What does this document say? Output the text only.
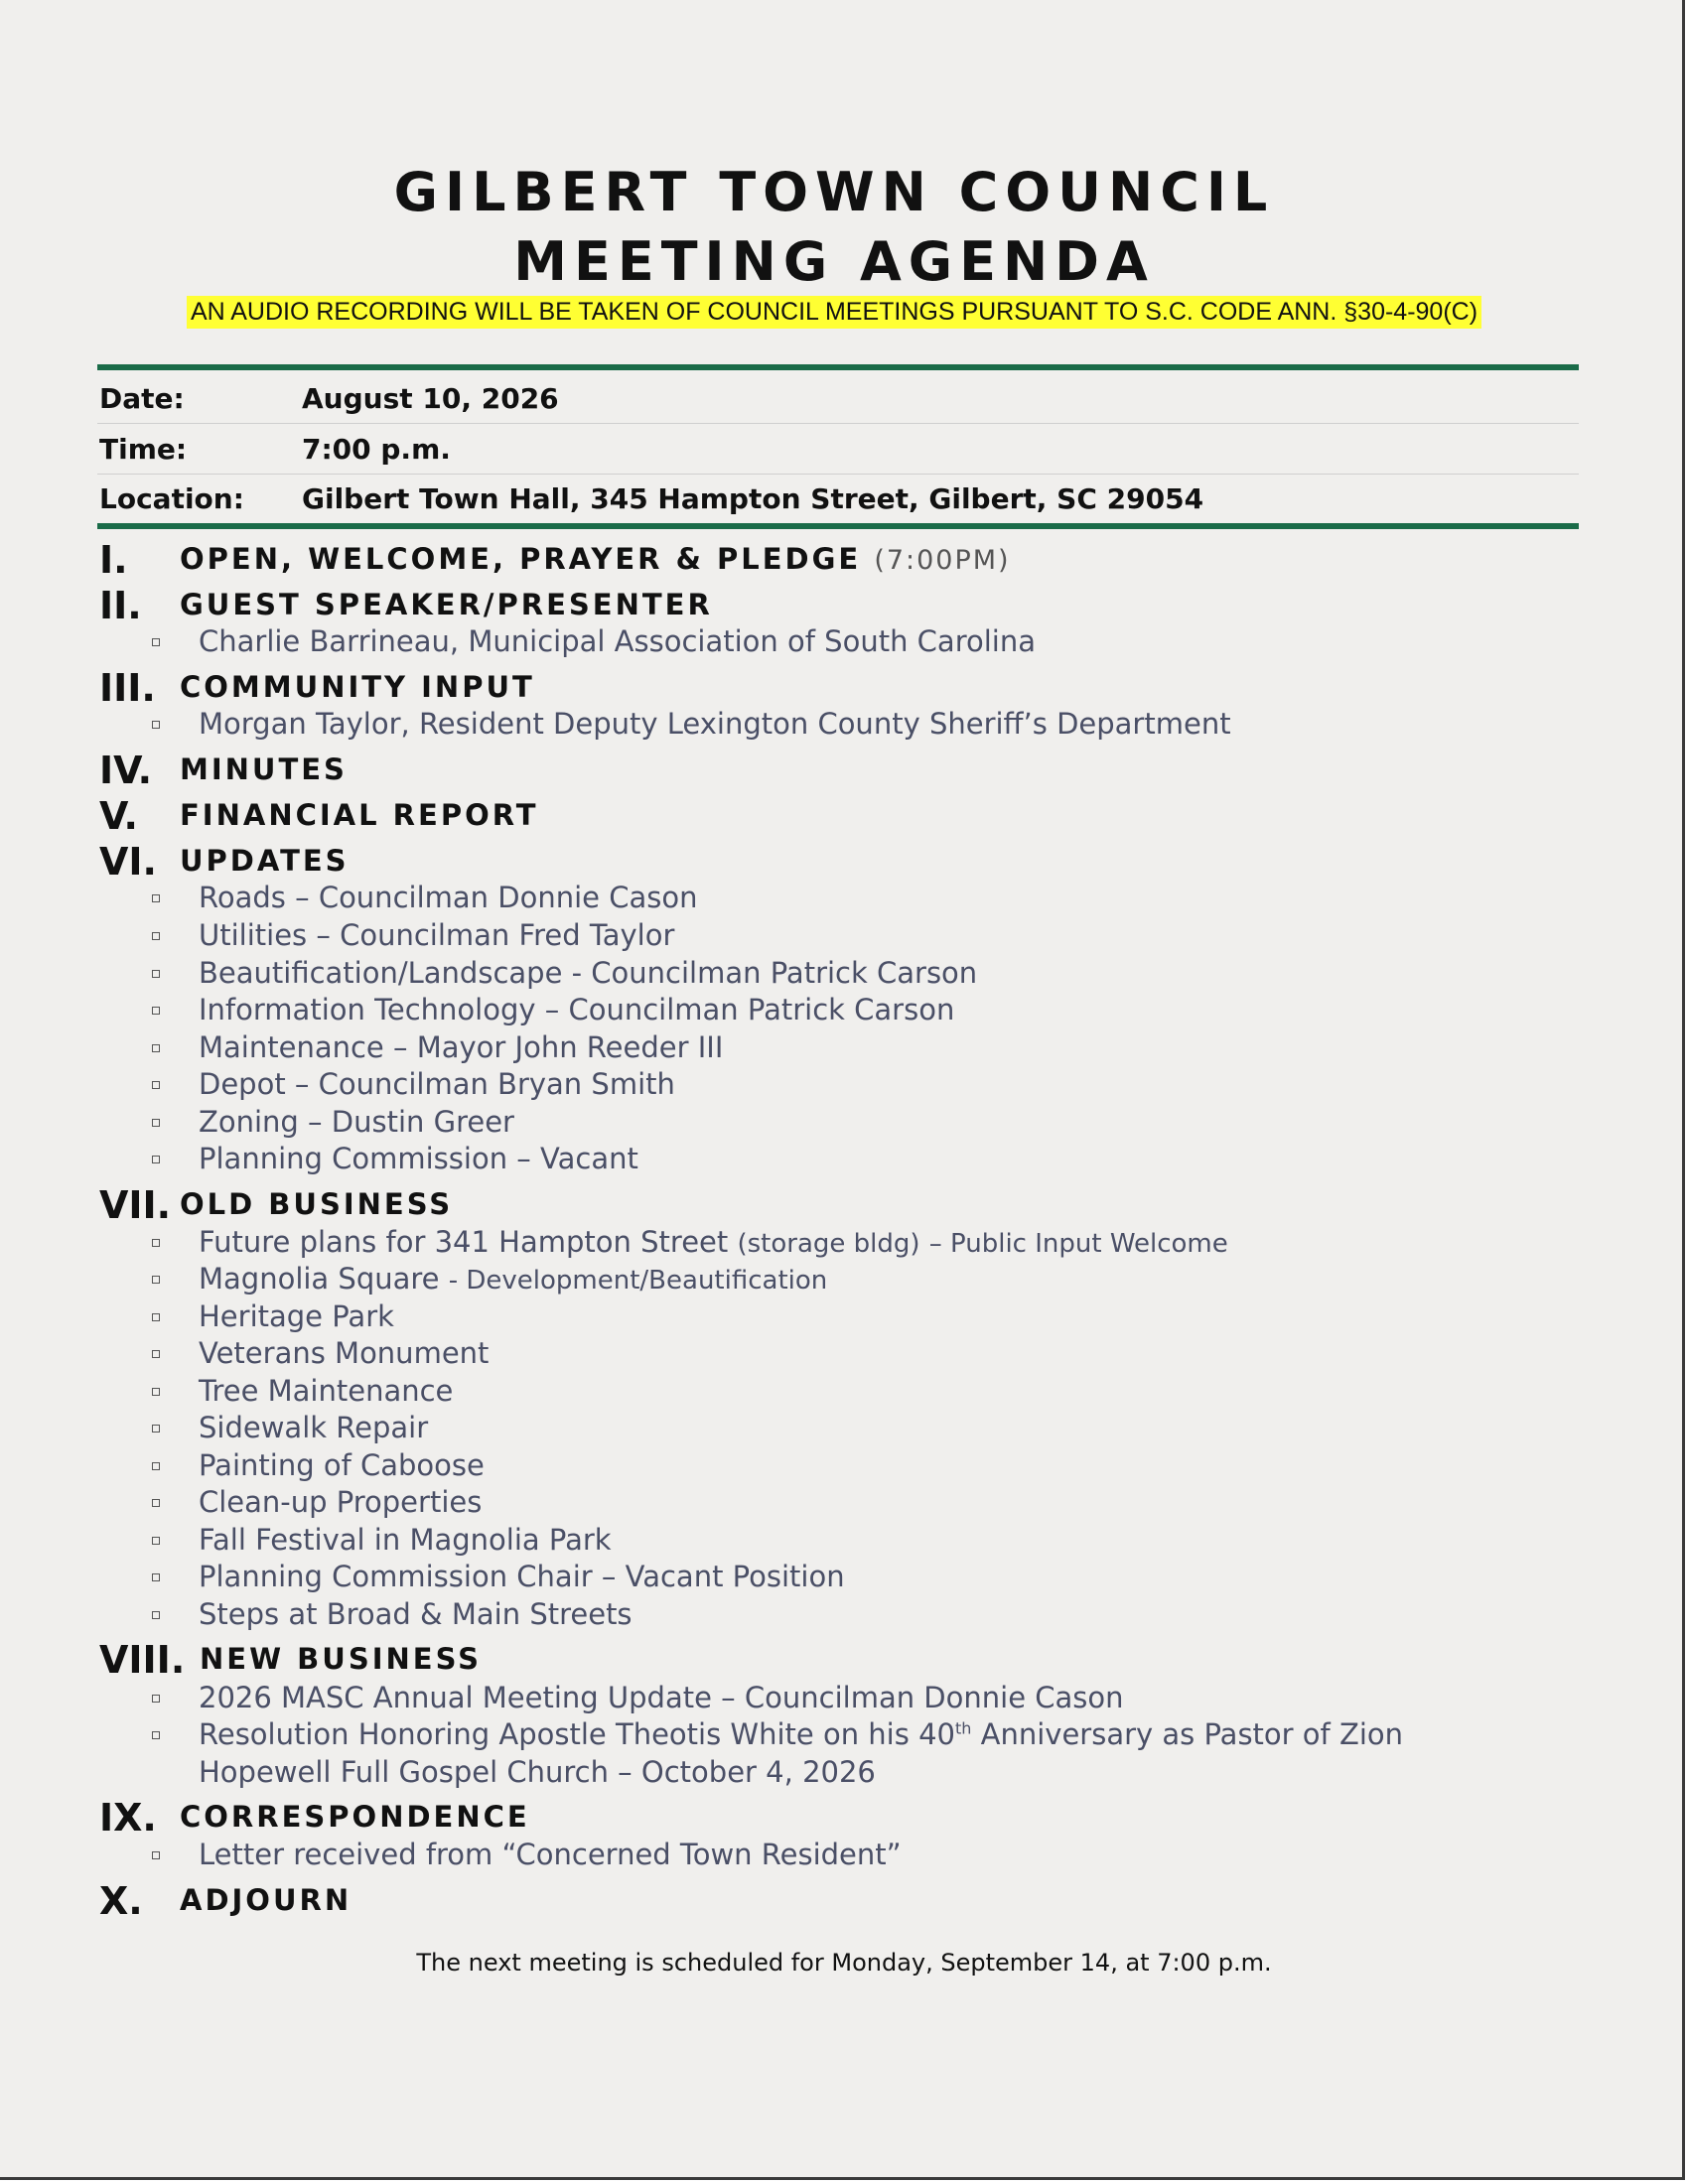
GILBERT TOWN COUNCIL
MEETING AGENDA
AN AUDIO RECORDING WILL BE TAKEN OF COUNCIL MEETINGS PURSUANT TO S.C. CODE ANN. §30-4-90(C)
Date:	August 10, 2026
Time:	7:00 p.m.
Location: Gilbert Town Hall, 345 Hampton Street, Gilbert, SC 29054
I. OPEN, WELCOME, PRAYER & PLEDGE (7:00PM)
II. GUEST SPEAKER/PRESENTER
Charlie Barrineau, Municipal Association of South Carolina
III. COMMUNITY INPUT
Morgan Taylor, Resident Deputy Lexington County Sheriff’s Department
IV. MINUTES
V. FINANCIAL REPORT
VI. UPDATES
Roads – Councilman Donnie Cason
Utilities – Councilman Fred Taylor
Beautification/Landscape - Councilman Patrick Carson
Information Technology – Councilman Patrick Carson
Maintenance – Mayor John Reeder III
Depot – Councilman Bryan Smith
Zoning – Dustin Greer
Planning Commission – Vacant
VII. OLD BUSINESS
Future plans for 341 Hampton Street (storage bldg) – Public Input Welcome
Magnolia Square - Development/Beautification
Heritage Park
Veterans Monument
Tree Maintenance
Sidewalk Repair
Painting of Caboose
Clean-up Properties
Fall Festival in Magnolia Park
Planning Commission Chair – Vacant Position
Steps at Broad & Main Streets
VIII. NEW BUSINESS
2026 MASC Annual Meeting Update – Councilman Donnie Cason
Resolution Honoring Apostle Theotis White on his 40th Anniversary as Pastor of Zion
Hopewell Full Gospel Church – October 4, 2026
IX. CORRESPONDENCE
Letter received from “Concerned Town Resident”
X. ADJOURN
The next meeting is scheduled for Monday, September 14, at 7:00 p.m.
